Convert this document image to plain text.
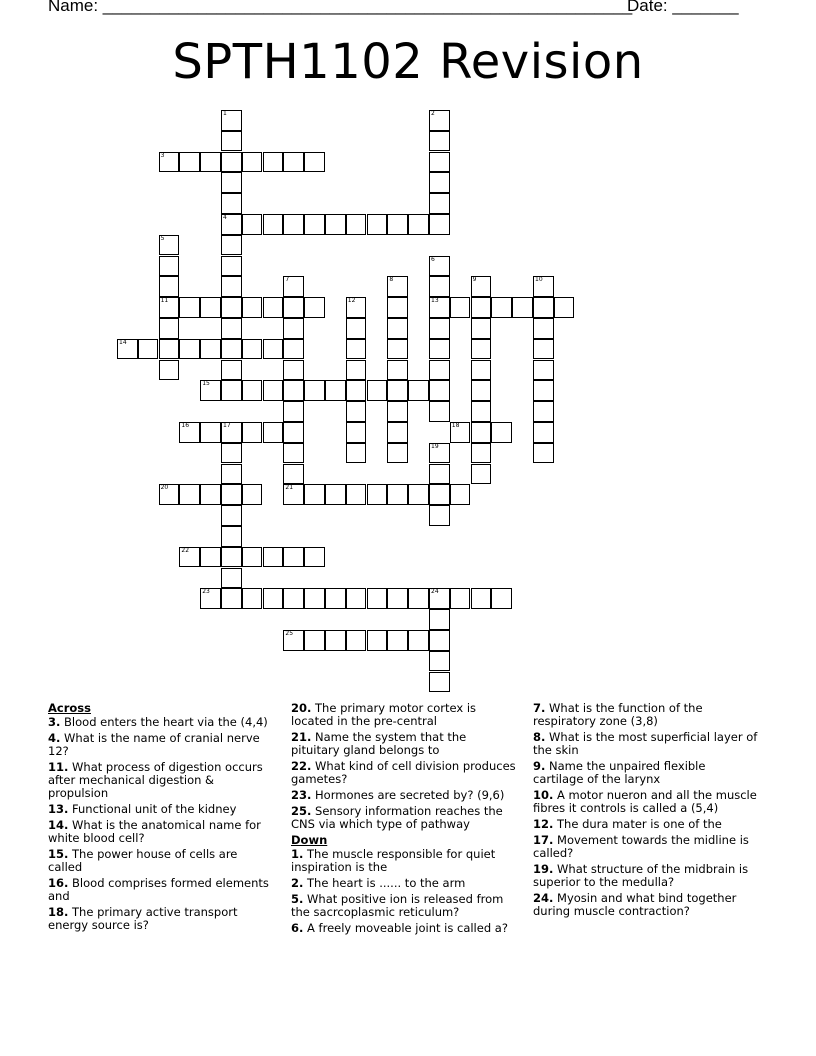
Name: ________________________________________________________
Date: _______
SPTH1102 Revision
1
4
2
3
5
11
6
13
7	8	9	10
12
14
15
16	17	18
19
20	21
22
23	24
25
Across
3. Blood enters the heart via the (4,4)
4. What is the name of cranial nerve 12?
11. What process of digestion occurs after mechanical digestion & propulsion
13. Functional unit of the kidney
14. What is the anatomical name for white blood cell?
15. The power house of cells are called
16. Blood comprises formed elements and
18. The primary active transport energy source is?
20. The primary motor cortex is located in the pre-central
21. Name the system that the pituitary gland belongs to
22. What kind of cell division produces gametes?
23. Hormones are secreted by? (9,6)
25. Sensory information reaches the CNS via which type of pathway
Down
1. The muscle responsible for quiet inspiration is the
2. The heart is ...... to the arm
5. What positive ion is released from the sacrcoplasmic reticulum?
6. A freely moveable joint is called a?
7. What is the function of the respiratory zone (3,8)
8. What is the most superficial layer of the skin
9. Name the unpaired flexible cartilage of the larynx
10. A motor nueron and all the muscle fibres it controls is called a (5,4)
12. The dura mater is one of the
17. Movement towards the midline is called?
19. What structure of the midbrain is superior to the medulla?
24. Myosin and what bind together during muscle contraction?
